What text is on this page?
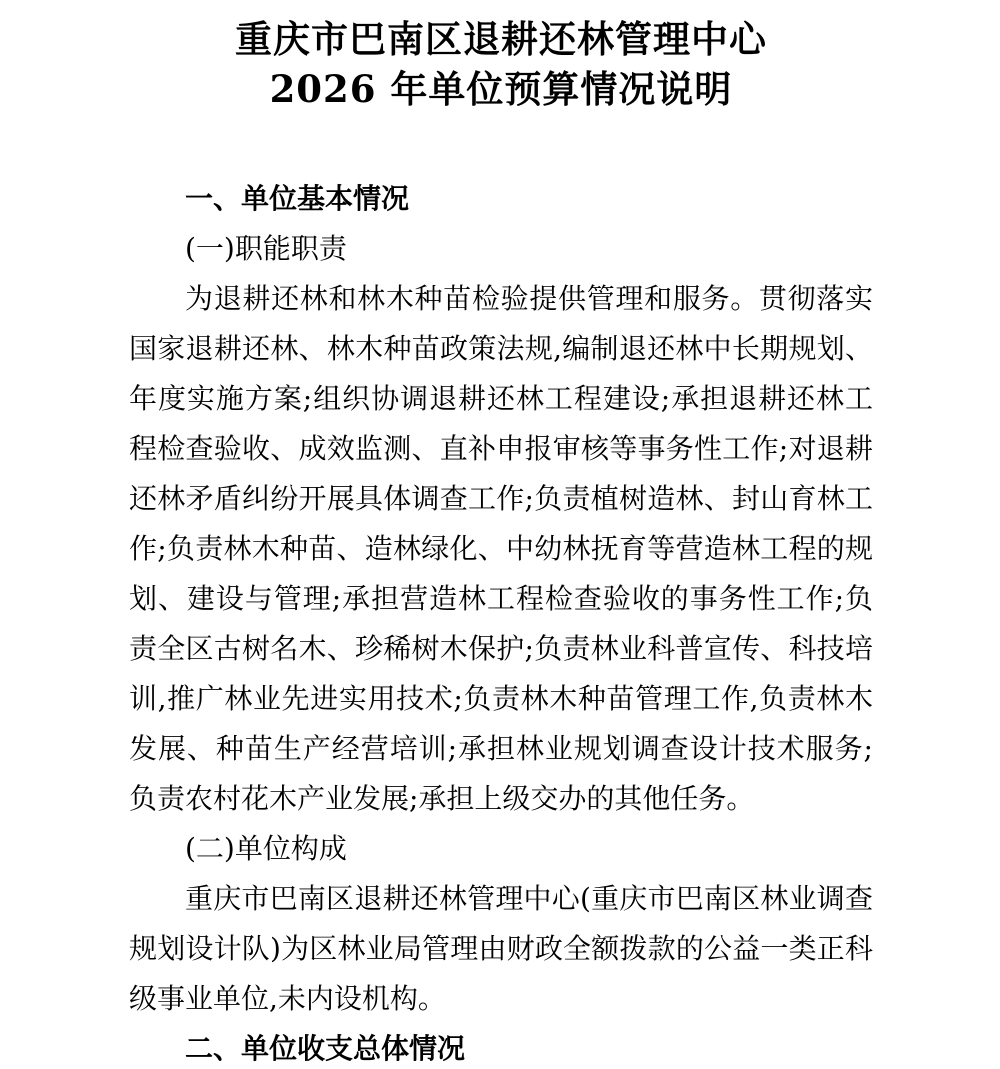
重庆市巴南区退耕还林管理中心
2026 年单位预算情况说明
一、单位基本情况
(一)职能职责

为退耕还林和林木种苗检验提供管理和服务。贯彻落实国家退耕还林、林木种苗政策法规,编制退还林中长期规划、年度实施方案;组织协调退耕还林工程建设;承担退耕还林工程检查验收、成效监测、直补申报审核等事务性工作;对退耕还林矛盾纠纷开展具体调查工作;负责植树造林、封山育林工作;负责林木种苗、造林绿化、中幼林抚育等营造林工程的规划、建设与管理;承担营造林工程检查验收的事务性工作;负责全区古树名木、珍稀树木保护;负责林业科普宣传、科技培训,推广林业先进实用技术;负责林木种苗管理工作,负责林木发展、种苗生产经营培训;承担林业规划调查设计技术服务;负责农村花木产业发展;承担上级交办的其他任务。

(二)单位构成

重庆市巴南区退耕还林管理中心(重庆市巴南区林业调查规划设计队)为区林业局管理由财政全额拨款的公益一类正科级事业单位,未内设机构。

二、单位收支总体情况
